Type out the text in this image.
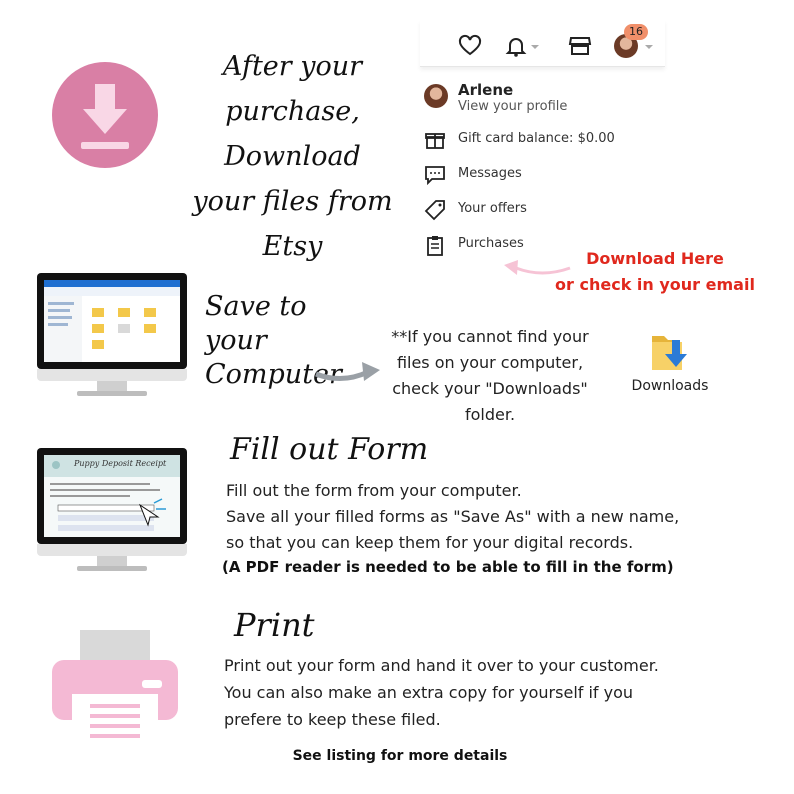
After your
purchase,
Download
your files from Etsy
16
Arlene
View your profile
Gift card balance: $0.00
Messages
Your offers
Purchases
Download Here
or check in your email
Save to your
Computer
**If you cannot find your
files on your computer,
check your "Downloads"
folder.
Downloads
Puppy Deposit Receipt Fill out Form
Fill out the form from your computer.
Save all your filled forms as "Save As" with a new name,
so that you can keep them for your digital records.
(A PDF reader is needed to be able to fill in the form)
Print
Print out your form and hand it over to your customer.
You can also make an extra copy for yourself if you
prefere to keep these filed.
See listing for more details
